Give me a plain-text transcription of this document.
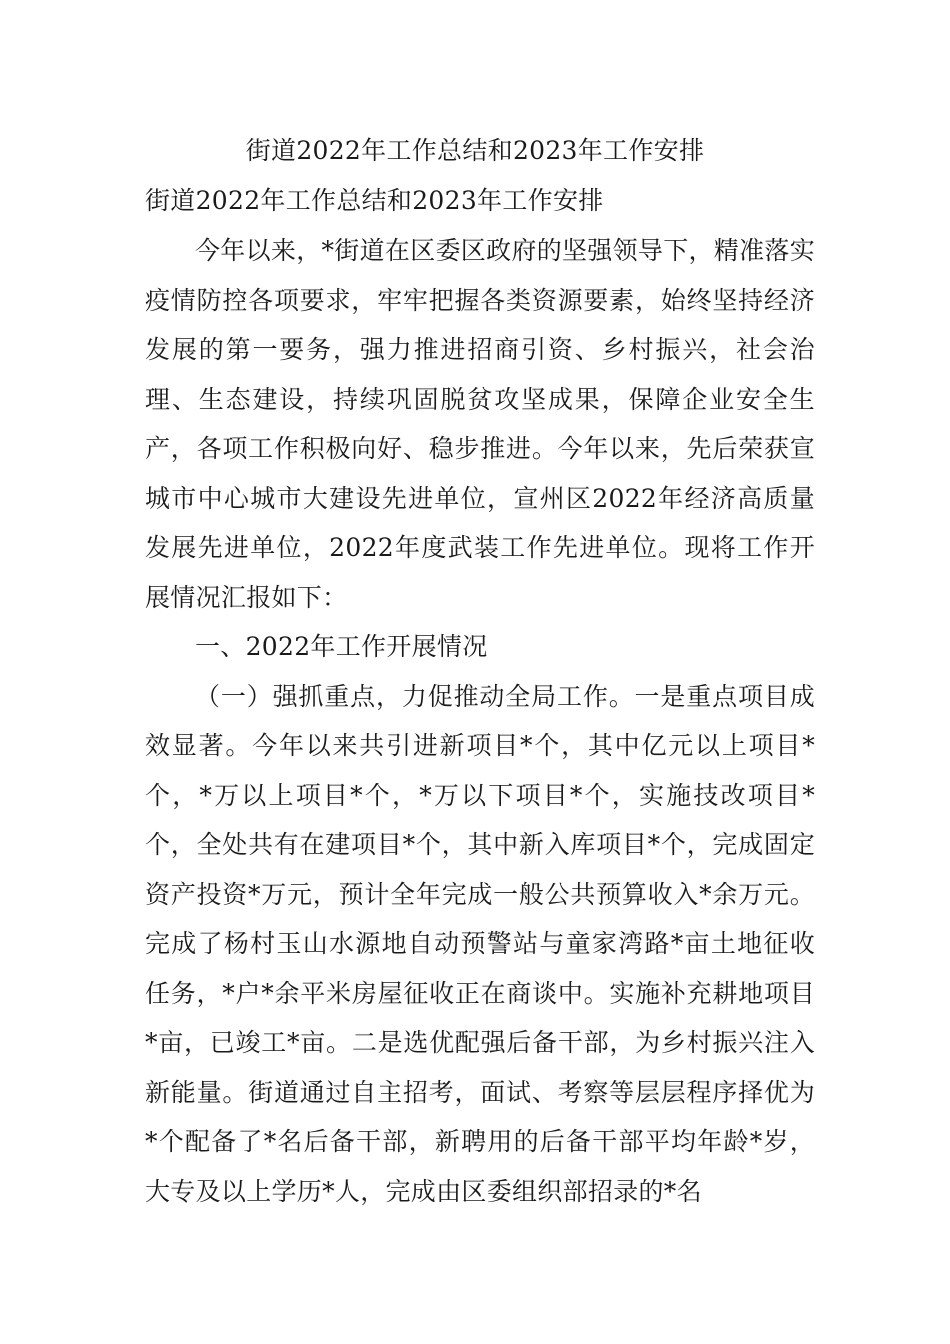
街道2022年工作总结和2023年工作安排
街道2022年工作总结和2023年工作安排

今年以来，*街道在区委区政府的坚强领导下，精准落实疫情防控各项要求，牢牢把握各类资源要素，始终坚持经济发展的第一要务，强力推进招商引资、乡村振兴，社会治理、生态建设，持续巩固脱贫攻坚成果，保障企业安全生产，各项工作积极向好、稳步推进。今年以来，先后荣获宣城市中心城市大建设先进单位，宣州区2022年经济高质量发展先进单位，2022年度武装工作先进单位。现将工作开展情况汇报如下：

一、2022年工作开展情况

（一）强抓重点，力促推动全局工作。一是重点项目成效显著。今年以来共引进新项目*个，其中亿元以上项目*个，*万以上项目*个，*万以下项目*个，实施技改项目*个，全处共有在建项目*个，其中新入库项目*个，完成固定资产投资*万元，预计全年完成一般公共预算收入*余万元。完成了杨村玉山水源地自动预警站与童家湾路*亩土地征收任务，*户*余平米房屋征收正在商谈中。实施补充耕地项目*亩，已竣工*亩。二是选优配强后备干部，为乡村振兴注入新能量。街道通过自主招考，面试、考察等层层程序择优为*个配备了*名后备干部，新聘用的后备干部平均年龄*岁，大专及以上学历*人，完成由区委组织部招录的*名
